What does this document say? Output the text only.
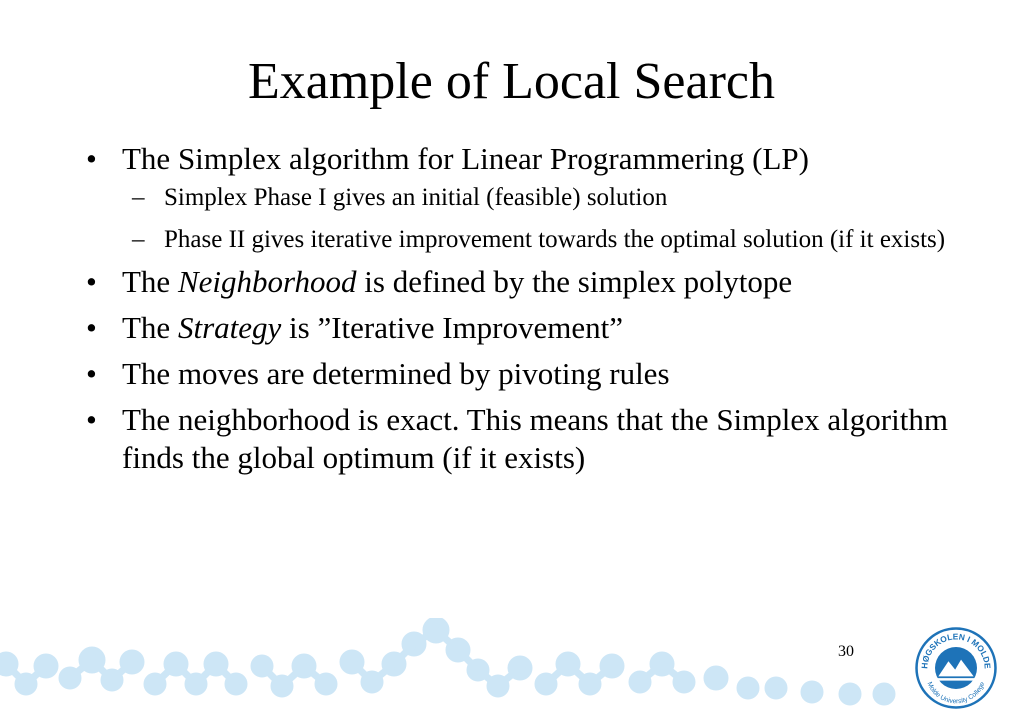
Example of Local Search
• The Simplex algorithm for Linear Programmering (LP)
– Simplex Phase I gives an initial (feasible) solution
– Phase II gives iterative improvement towards the optimal solution (if it exists)
• The Neighborhood is defined by the simplex polytope
• The Strategy is ”Iterative Improvement”
• The moves are determined by pivoting rules
• The neighborhood is exact. This means that the Simplex algorithm finds the global optimum (if it exists)
30
HØGSKOLEN I MOLDE
Molde University College
